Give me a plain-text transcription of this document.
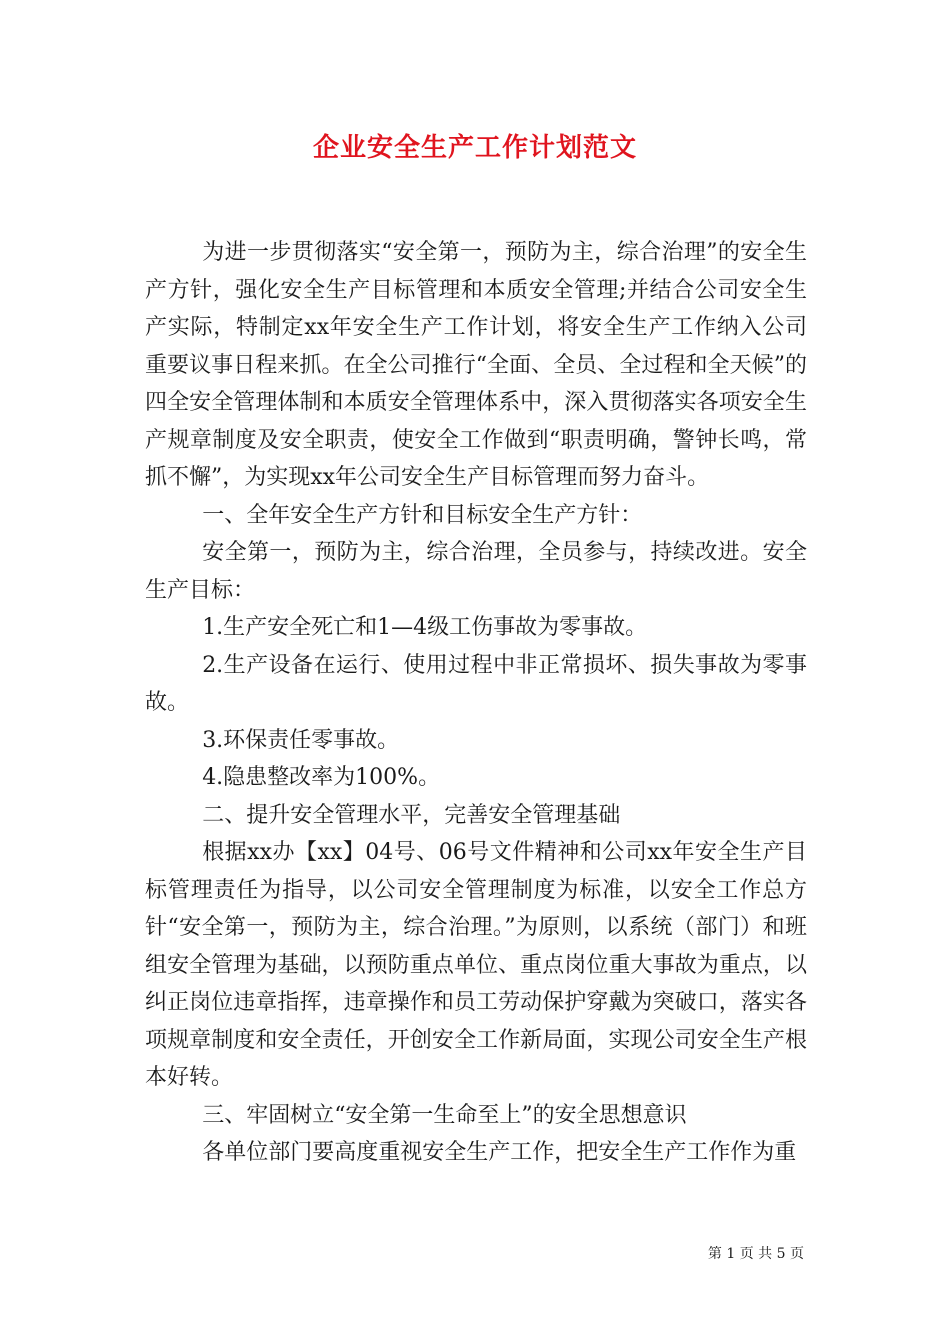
企业安全生产工作计划范文

为进一步贯彻落实“安全第一，预防为主，综合治理”的安全生产方针，强化安全生产目标管理和本质安全管理;并结合公司安全生产实际，特制定xx年安全生产工作计划，将安全生产工作纳入公司重要议事日程来抓。在全公司推行“全面、全员、全过程和全天候”的四全安全管理体制和本质安全管理体系中，深入贯彻落实各项安全生产规章制度及安全职责，使安全工作做到“职责明确，警钟长鸣，常抓不懈”，为实现xx年公司安全生产目标管理而努力奋斗。

一、全年安全生产方针和目标安全生产方针：

安全第一，预防为主，综合治理，全员参与，持续改进。安全生产目标：

1.生产安全死亡和1—4级工伤事故为零事故。

2.生产设备在运行、使用过程中非正常损坏、损失事故为零事故。

3.环保责任零事故。

4.隐患整改率为100%。

二、提升安全管理水平，完善安全管理基础

根据xx办【xx】04号、06号文件精神和公司xx年安全生产目标管理责任为指导，以公司安全管理制度为标准，以安全工作总方针“安全第一，预防为主，综合治理。”为原则，以系统（部门）和班组安全管理为基础，以预防重点单位、重点岗位重大事故为重点，以纠正岗位违章指挥，违章操作和员工劳动保护穿戴为突破口，落实各项规章制度和安全责任，开创安全工作新局面，实现公司安全生产根本好转。

三、牢固树立“安全第一生命至上”的安全思想意识

各单位部门要高度重视安全生产工作，把安全生产工作作为重

第 1 页 共 5 页
